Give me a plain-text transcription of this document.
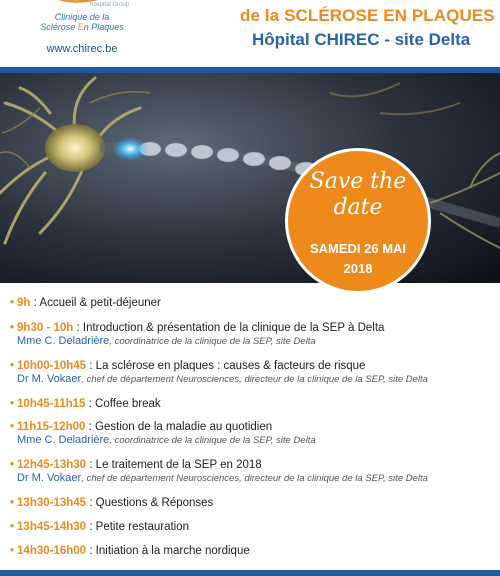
hospital Group
Clinique de la
Sclérose En Plaques
www.chirec.be
de la SCLÉROSE EN PLAQUES
Hôpital CHIREC - site Delta
Save the
date
SAMEDI 26 MAI
2018
• 9h : Accueil & petit-déjeuner
• 9h30 - 10h : Introduction & présentation de la clinique de la SEP à Delta
Mme C. Deladrière, coordinatrice de la clinique de la SEP, site Delta
• 10h00-10h45 : La sclérose en plaques : causes & facteurs de risque
Dr M. Vokaer, chef de département Neurosciences, directeur de la clinique de la SEP, site Delta
• 10h45-11h15 : Coffee break
• 11h15-12h00 : Gestion de la maladie au quotidien
Mme C. Deladrière, coordinatrice de la clinique de la SEP, site Delta
• 12h45-13h30 : Le traitement de la SEP en 2018
Dr M. Vokaer, chef de département Neurosciences, directeur de la clinique de la SEP, site Delta
• 13h30-13h45 : Questions & Réponses
• 13h45-14h30 : Petite restauration
• 14h30-16h00 : Initiation à la marche nordique
